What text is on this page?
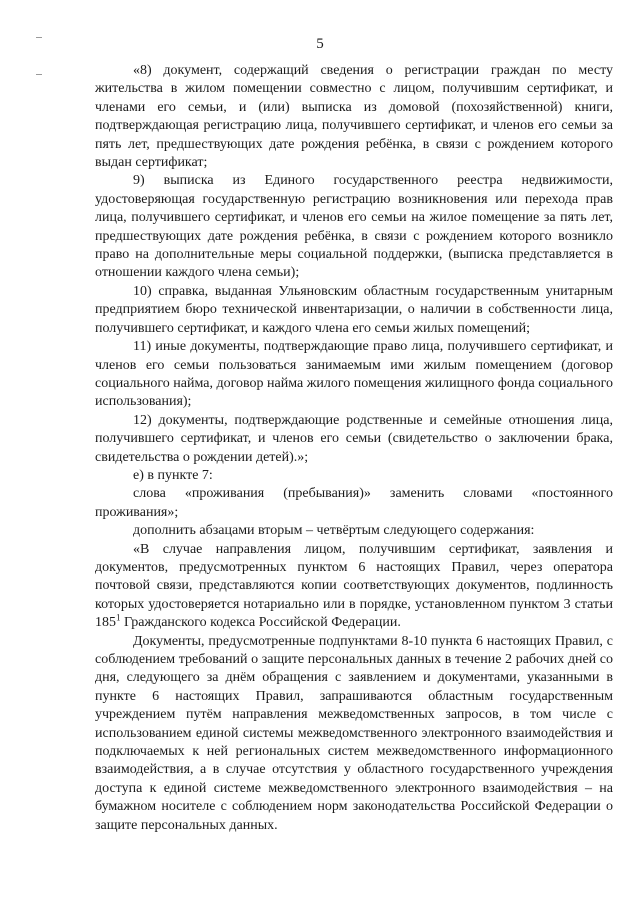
5

«8) документ, содержащий сведения о регистрации граждан по месту жительства в жилом помещении совместно с лицом, получившим сертификат, и членами его семьи, и (или) выписка из домовой (похозяйственной) книги, подтверждающая регистрацию лица, получившего сертификат, и членов его семьи за пять лет, предшествующих дате рождения ребёнка, в связи с рождением которого выдан сертификат;

9) выписка из Единого государственного реестра недвижимости, удостоверяющая государственную регистрацию возникновения или перехода прав лица, получившего сертификат, и членов его семьи на жилое помещение за пять лет, предшествующих дате рождения ребёнка, в связи с рождением которого возникло право на дополнительные меры социальной поддержки, (выписка представляется в отношении каждого члена семьи);

10) справка, выданная Ульяновским областным государственным унитарным предприятием бюро технической инвентаризации, о наличии в собственности лица, получившего сертификат, и каждого члена его семьи жилых помещений;

11) иные документы, подтверждающие право лица, получившего сертификат, и членов его семьи пользоваться занимаемым ими жилым помещением (договор социального найма, договор найма жилого помещения жилищного фонда социального использования);

12) документы, подтверждающие родственные и семейные отношения лица, получившего сертификат, и членов его семьи (свидетельство о заключении брака, свидетельства о рождении детей).»;

е) в пункте 7:

слова «проживания (пребывания)» заменить словами «постоянного проживания»;

дополнить абзацами вторым – четвёртым следующего содержания:

«В случае направления лицом, получившим сертификат, заявления и документов, предусмотренных пунктом 6 настоящих Правил, через оператора почтовой связи, представляются копии соответствующих документов, подлинность которых удостоверяется нотариально или в порядке, установленном пунктом 3 статьи $185^1$ Гражданского кодекса Российской Федерации.

Документы, предусмотренные подпунктами 8-10 пункта 6 настоящих Правил, с соблюдением требований о защите персональных данных в течение 2 рабочих дней со дня, следующего за днём обращения с заявлением и документами, указанными в пункте 6 настоящих Правил, запрашиваются областным государственным учреждением путём направления межведомственных запросов, в том числе с использованием единой системы межведомственного электронного взаимодействия и подключаемых к ней региональных систем межведомственного информационного взаимодействия, а в случае отсутствия у областного государственного учреждения доступа к единой системе межведомственного электронного взаимодействия – на бумажном носителе с соблюдением норм законодательства Российской Федерации о защите персональных данных.
